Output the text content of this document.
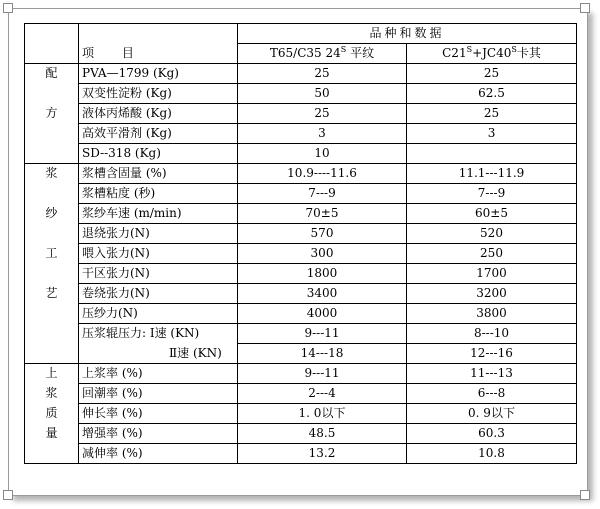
	项 目	品种和数据	
		T65/C35 $24^S$ 平纹	$C21^S+JC40^S$卡其
配	PVA—1799 (Kg)	25	25
	双变性淀粉 (Kg)	50	62.5
方	液体丙烯酸 (Kg)	25	25
	高效平滑剂 (Kg)	3	3
	SD--318 (Kg)	10	
浆	浆槽含固量 (%)	10.9----11.6	11.1---11.9
	浆槽粘度 (秒)	7---9	7---9
纱	浆纱车速 (m/min)	70±5	60±5
	退绕张力(N)	570	520
工	喂入张力(N)	300	250
	干区张力(N)	1800	1700
艺	卷绕张力(N)	3400	3200
	压纱力(N)	4000	3800
	压浆辊压力: Ⅰ速 (KN)	9---11	8---10
	Ⅱ速 (KN)	14---18	12---16
上	上浆率 (%)	9---11	11---13
浆	回潮率 (%)	2---4	6---8
质	伸长率 (%)	1. 0以下	0. 9以下
量	增强率 (%)	48.5	60.3
	减伸率 (%)	13.2	10.8
